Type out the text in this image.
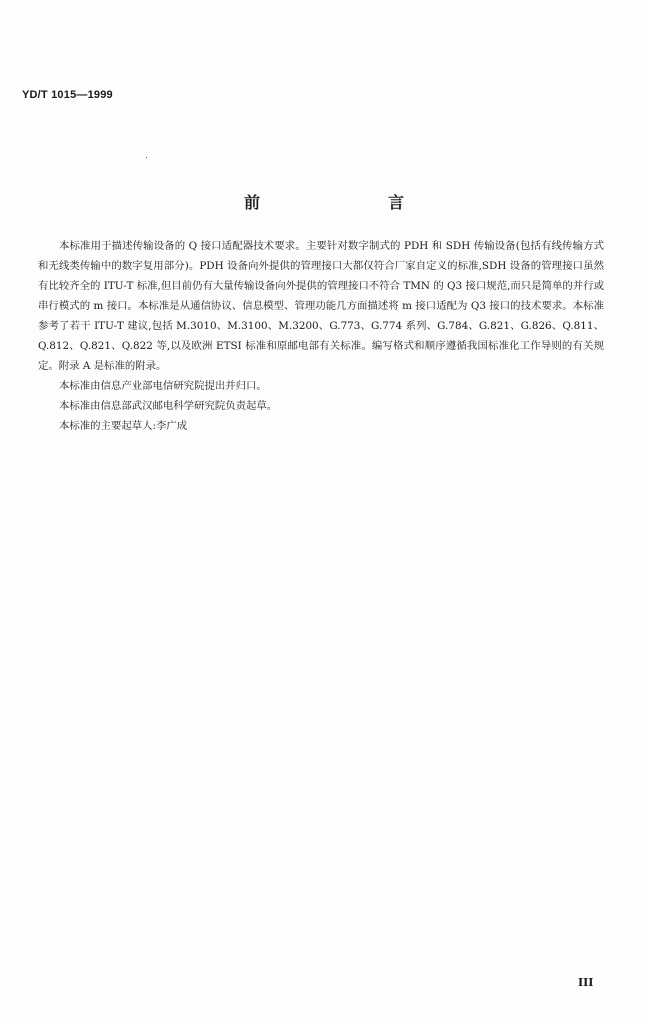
YD/T 1015—1999
前　言

本标准用于描述传输设备的 Q 接口适配器技术要求。主要针对数字制式的 PDH 和 SDH 传输设备(包括有线传输方式和无线类传输中的数字复用部分)。PDH 设备向外提供的管理接口大都仅符合厂家自定义的标准,SDH 设备的管理接口虽然有比较齐全的 ITU-T 标准,但目前仍有大量传输设备向外提供的管理接口不符合 TMN 的 Q3 接口规范,而只是简单的并行或串行模式的 m 接口。本标准是从通信协议、信息模型、管理功能几方面描述将 m 接口适配为 Q3 接口的技术要求。本标准参考了若干 ITU-T 建议,包括 M.3010、M.3100、M.3200、G.773、G.774 系列、G.784、G.821、G.826、Q.811、Q.812、Q.821、Q.822 等,以及欧洲 ETSI 标准和原邮电部有关标准。编写格式和顺序遵循我国标准化工作导则的有关规定。附录 A 是标准的附录。

本标准由信息产业部电信研究院提出并归口。

本标准由信息部武汉邮电科学研究院负责起草。

本标准的主要起草人:李广成

III
